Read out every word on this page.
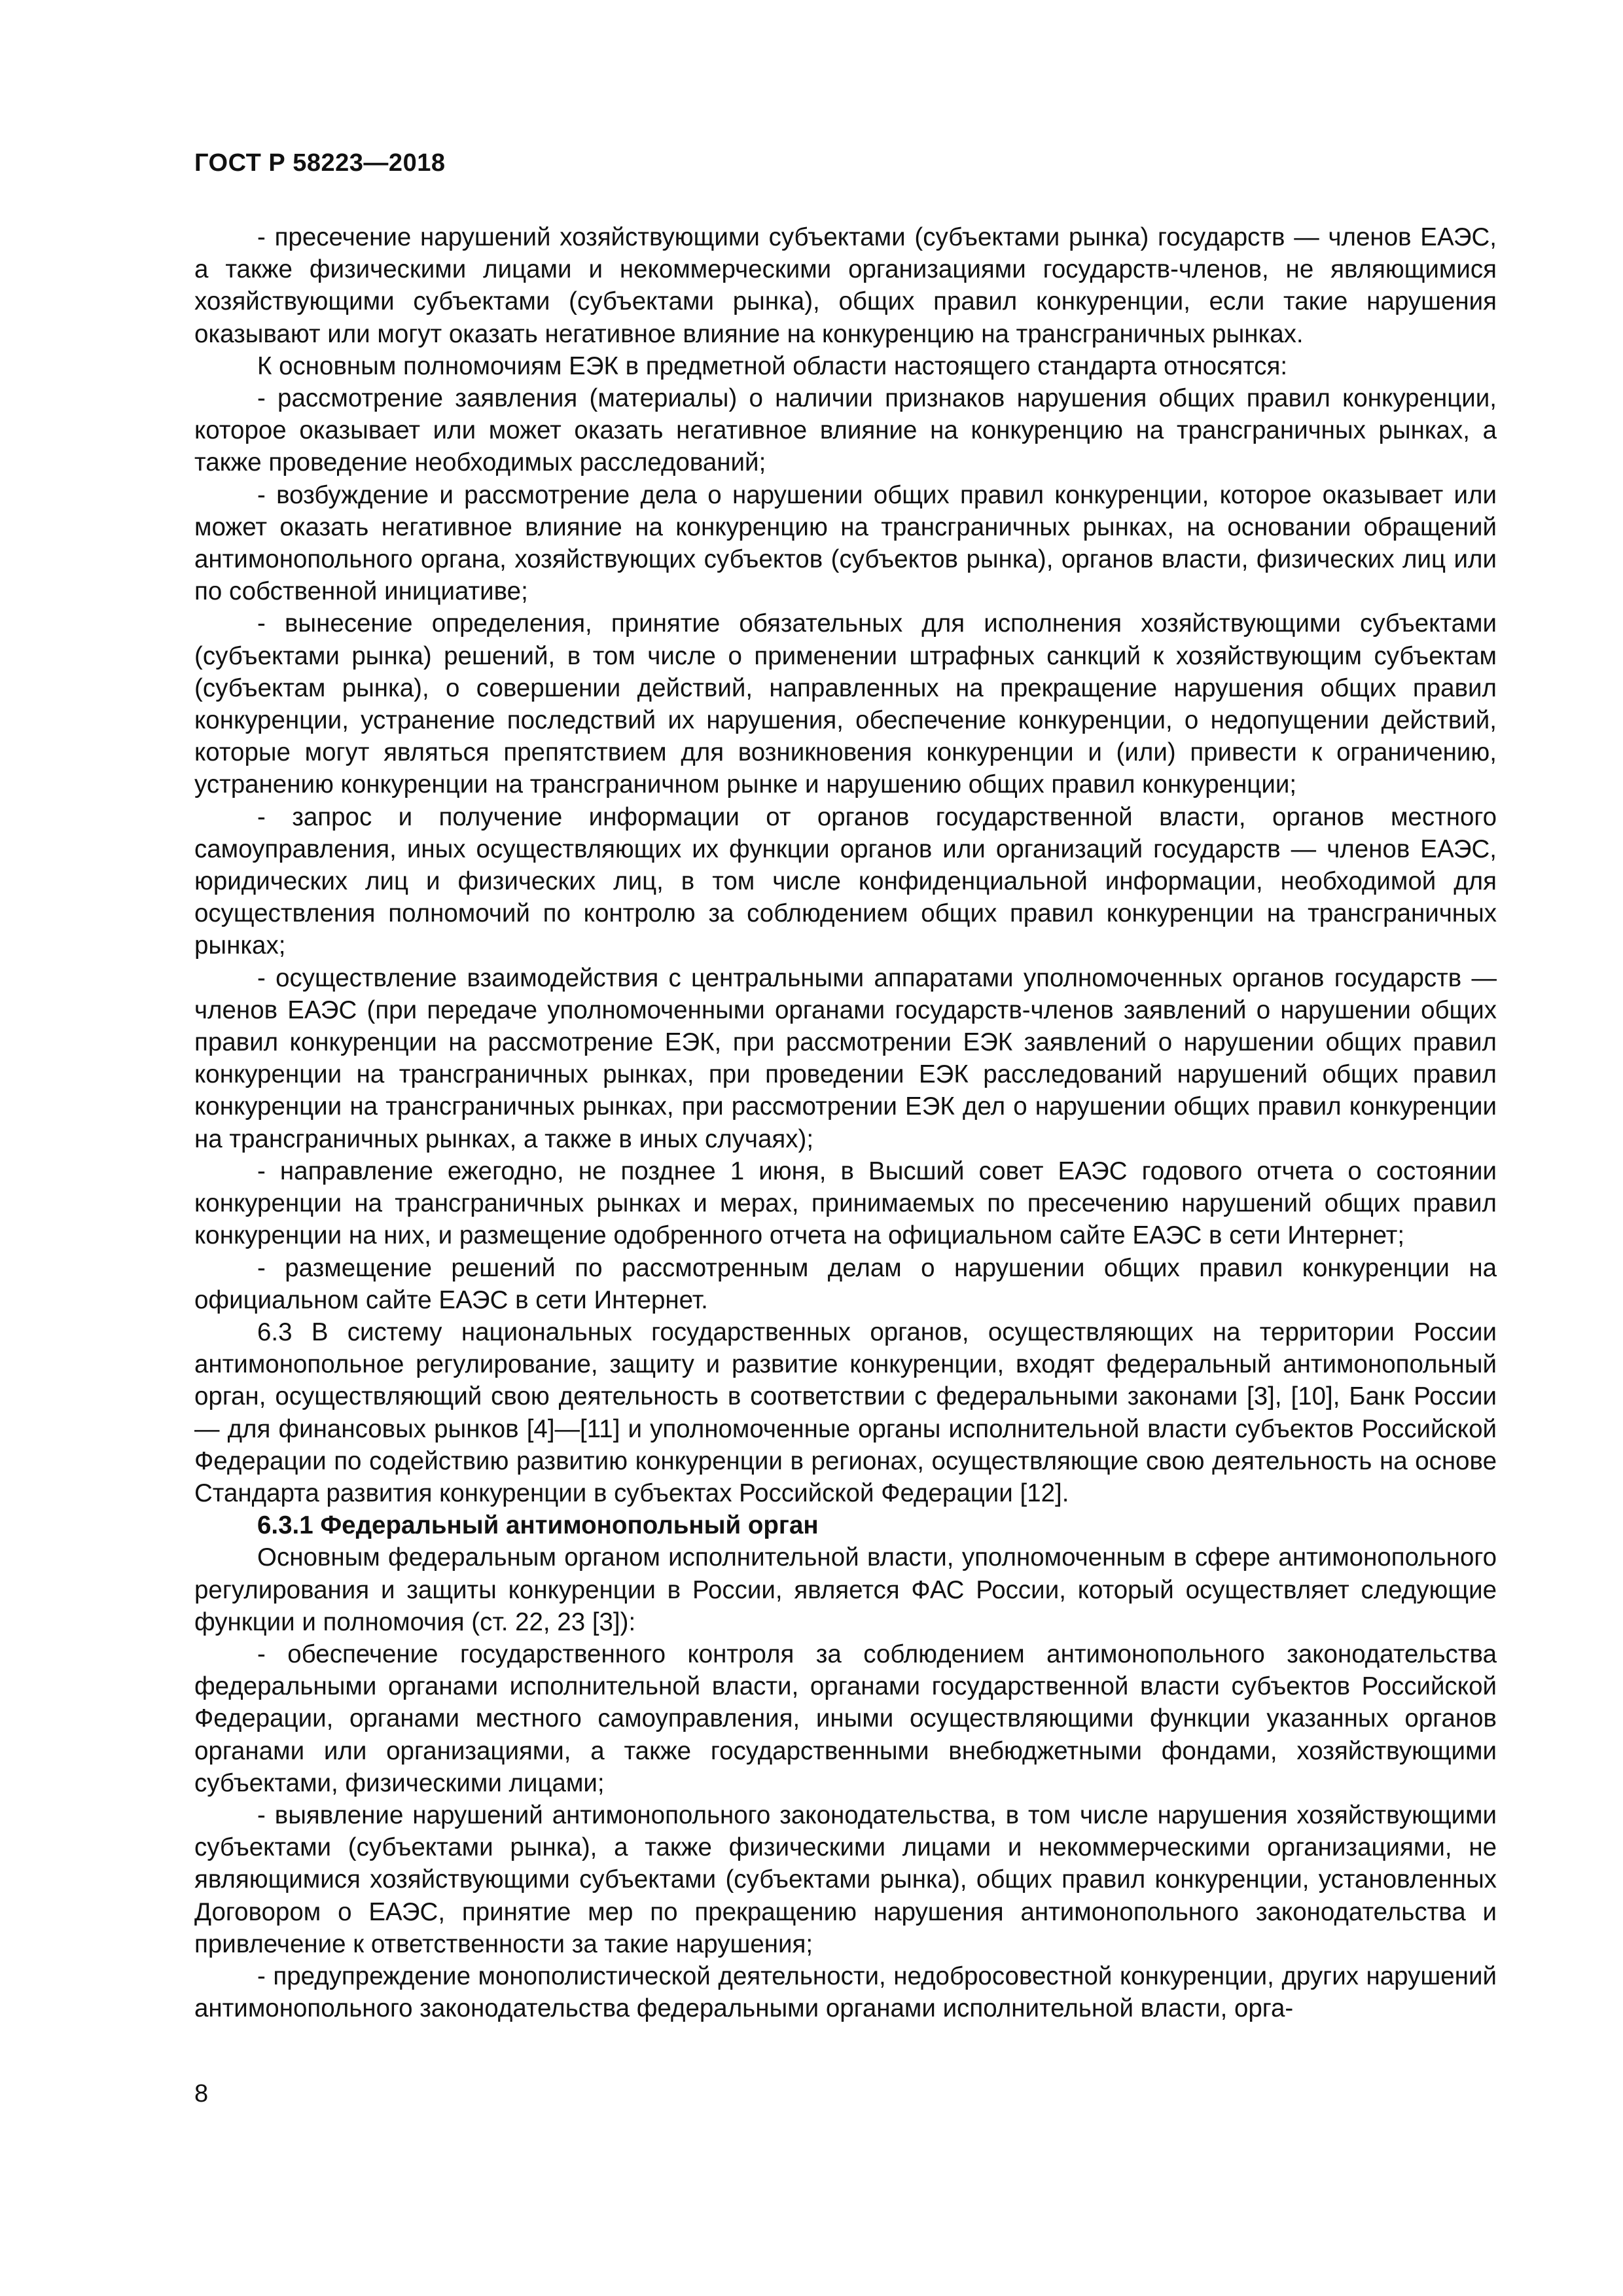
ГОСТ Р 58223—2018

- пресечение нарушений хозяйствующими субъектами (субъектами рынка) государств — членов ЕАЭС, а также физическими лицами и некоммерческими организациями государств-членов, не являющимися хозяйствующими субъектами (субъектами рынка), общих правил конкуренции, если такие нарушения оказывают или могут оказать негативное влияние на конкуренцию на трансграничных рынках.

К основным полномочиям ЕЭК в предметной области настоящего стандарта относятся:

- рассмотрение заявления (материалы) о наличии признаков нарушения общих правил конкуренции, которое оказывает или может оказать негативное влияние на конкуренцию на трансграничных рынках, а также проведение необходимых расследований;

- возбуждение и рассмотрение дела о нарушении общих правил конкуренции, которое оказывает или может оказать негативное влияние на конкуренцию на трансграничных рынках, на основании обращений антимонопольного органа, хозяйствующих субъектов (субъектов рынка), органов власти, физических лиц или по собственной инициативе;

- вынесение определения, принятие обязательных для исполнения хозяйствующими субъектами (субъектами рынка) решений, в том числе о применении штрафных санкций к хозяйствующим субъектам (субъектам рынка), о совершении действий, направленных на прекращение нарушения общих правил конкуренции, устранение последствий их нарушения, обеспечение конкуренции, о недопущении действий, которые могут являться препятствием для возникновения конкуренции и (или) привести к ограничению, устранению конкуренции на трансграничном рынке и нарушению общих правил конкуренции;

- запрос и получение информации от органов государственной власти, органов местного самоуправления, иных осуществляющих их функции органов или организаций государств — членов ЕАЭС, юридических лиц и физических лиц, в том числе конфиденциальной информации, необходимой для осуществления полномочий по контролю за соблюдением общих правил конкуренции на трансграничных рынках;

- осуществление взаимодействия с центральными аппаратами уполномоченных органов государств — членов ЕАЭС (при передаче уполномоченными органами государств-членов заявлений о нарушении общих правил конкуренции на рассмотрение ЕЭК, при рассмотрении ЕЭК заявлений о нарушении общих правил конкуренции на трансграничных рынках, при проведении ЕЭК расследований нарушений общих правил конкуренции на трансграничных рынках, при рассмотрении ЕЭК дел о нарушении общих правил конкуренции на трансграничных рынках, а также в иных случаях);

- направление ежегодно, не позднее 1 июня, в Высший совет ЕАЭС годового отчета о состоянии конкуренции на трансграничных рынках и мерах, принимаемых по пресечению нарушений общих правил конкуренции на них, и размещение одобренного отчета на официальном сайте ЕАЭС в сети Интернет;

- размещение решений по рассмотренным делам о нарушении общих правил конкуренции на официальном сайте ЕАЭС в сети Интернет.

6.3 В систему национальных государственных органов, осуществляющих на территории России антимонопольное регулирование, защиту и развитие конкуренции, входят федеральный антимонопольный орган, осуществляющий свою деятельность в соответствии с федеральными законами [3], [10], Банк России — для финансовых рынков [4]—[11] и уполномоченные органы исполнительной власти субъектов Российской Федерации по содействию развитию конкуренции в регионах, осуществляющие свою деятельность на основе Стандарта развития конкуренции в субъектах Российской Федерации [12].

6.3.1 Федеральный антимонопольный орган

Основным федеральным органом исполнительной власти, уполномоченным в сфере антимонопольного регулирования и защиты конкуренции в России, является ФАС России, который осуществляет следующие функции и полномочия (ст. 22, 23 [3]):

- обеспечение государственного контроля за соблюдением антимонопольного законодательства федеральными органами исполнительной власти, органами государственной власти субъектов Российской Федерации, органами местного самоуправления, иными осуществляющими функции указанных органов органами или организациями, а также государственными внебюджетными фондами, хозяйствующими субъектами, физическими лицами;

- выявление нарушений антимонопольного законодательства, в том числе нарушения хозяйствующими субъектами (субъектами рынка), а также физическими лицами и некоммерческими организациями, не являющимися хозяйствующими субъектами (субъектами рынка), общих правил конкуренции, установленных Договором о ЕАЭС, принятие мер по прекращению нарушения антимонопольного законодательства и привлечение к ответственности за такие нарушения;

- предупреждение монополистической деятельности, недобросовестной конкуренции, других нарушений антимонопольного законодательства федеральными органами исполнительной власти, орга-

8
